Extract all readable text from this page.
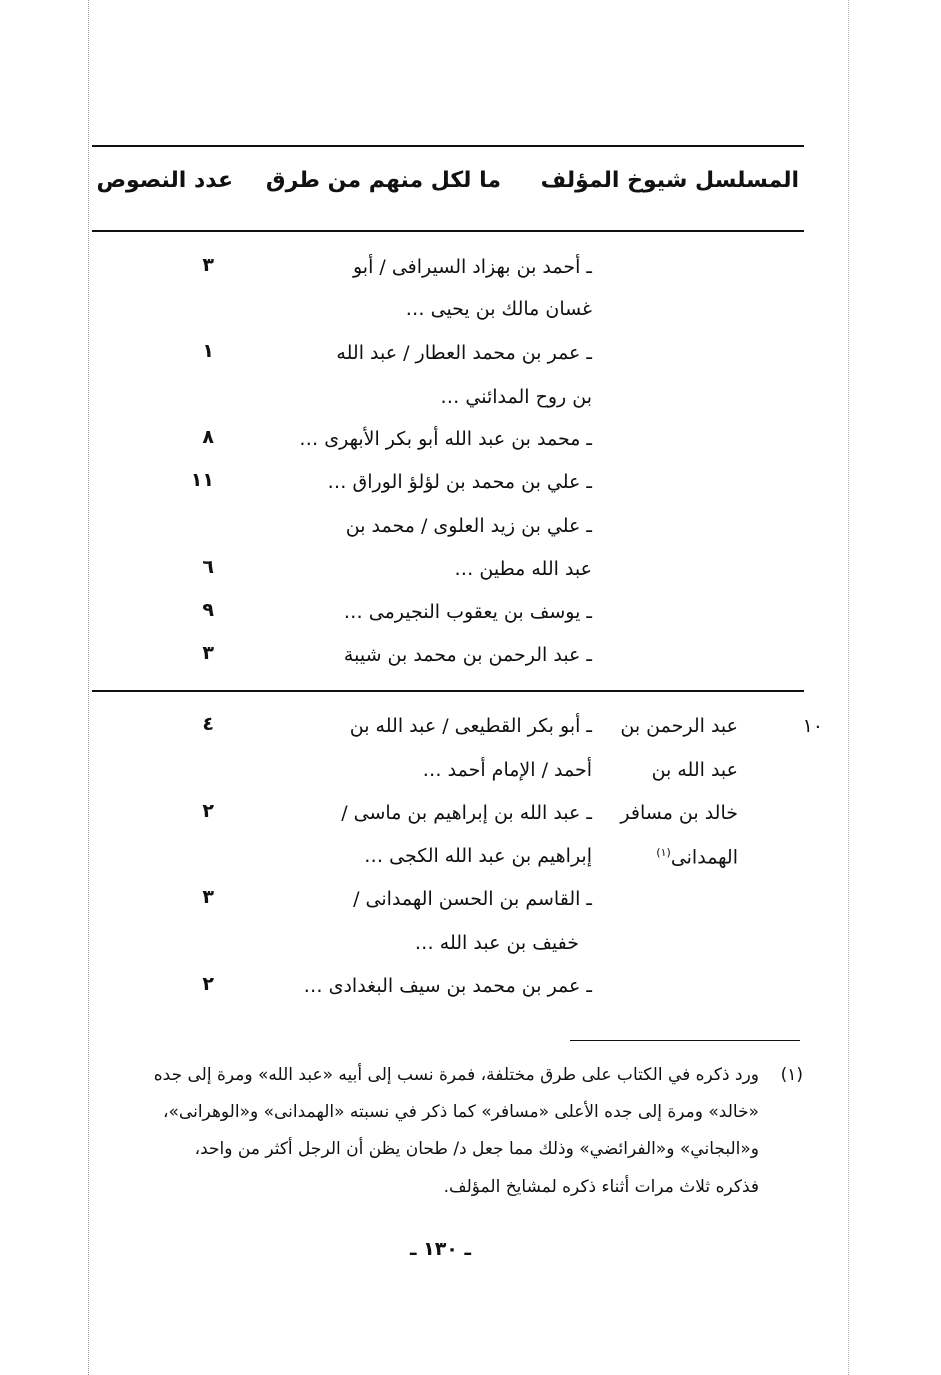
المسلسل شيوخ المؤلف
ما لكل منهم من طرق
عدد النصوص
ـ أحمد بن بهزاد السيرافى / أبو
غسان مالك بن يحيى …
٣
ـ عمر بن محمد العطار / عبد الله
بن روح المدائني …
١
ـ محمد بن عبد الله أبو بكر الأبهرى …
٨
ـ علي بن محمد بن لؤلؤ الوراق …
١١
ـ علي بن زيد العلوى / محمد بن
عبد الله مطين …
٦
ـ يوسف بن يعقوب النجيرمى …
٩
ـ عبد الرحمن بن محمد بن شيبة
٣
١٠
عبد الرحمن بن
عبد الله بن
خالد بن مسافر
الهمدانى$^{(١)}$
ـ أبو بكر القطيعى / عبد الله بن
أحمد / الإمام أحمد …
٤
ـ عبد الله بن إبراهيم بن ماسى /
إبراهيم بن عبد الله الكجى …
٢
ـ القاسم بن الحسن الهمدانى /
خفيف بن عبد الله …
٣
ـ عمر بن محمد بن سيف البغدادى …
٢
(١)
ورد ذكره في الكتاب على طرق مختلفة، فمرة نسب إلى أبيه «عبد الله» ومرة إلى جده
«خالد» ومرة إلى جده الأعلى «مسافر» كما ذكر في نسبته «الهمدانى» و«الوهرانى»،
و«البجاني» و«الفرائضي» وذلك مما جعل د/ طحان يظن أن الرجل أكثر من واحد،
فذكره ثلاث مرات أثناء ذكره لمشايخ المؤلف.
ـ ١٣٠ ـ
